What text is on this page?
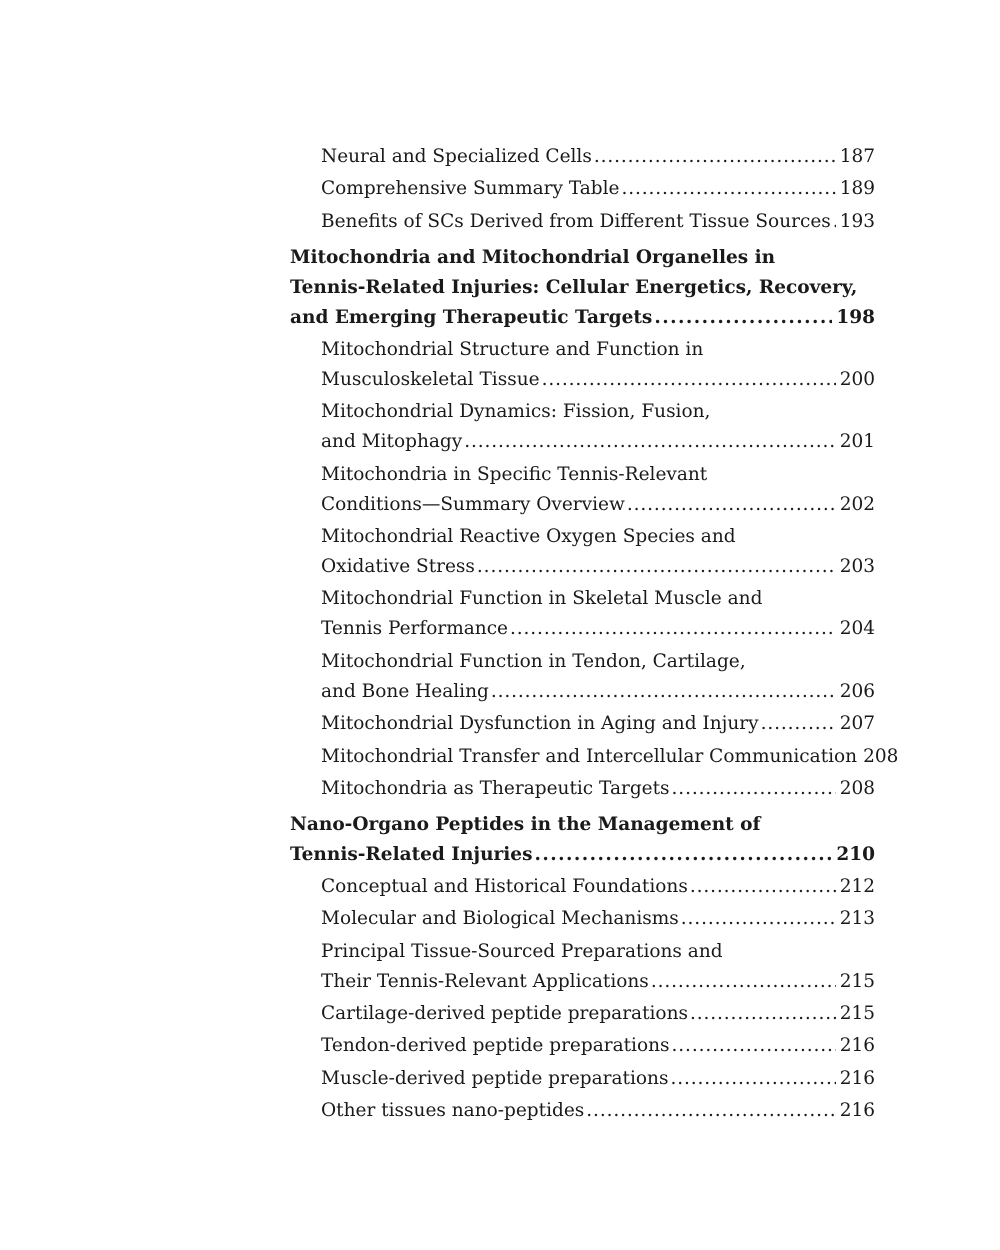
Neural and Specialized Cells . . .	187
Comprehensive Summary Table . . .	189
Benefits of SCs Derived from Different Tissue Sources . . . 193
Mitochondria and Mitochondrial Organelles in
Tennis-Related Injuries: Cellular Energetics, Recovery,
and Emerging Therapeutic Targets . . .	198
Mitochondrial Structure and Function in
Musculoskeletal Tissue . . .	200
Mitochondrial Dynamics: Fission, Fusion,
and Mitophagy . . .	201
Mitochondria in Specific Tennis-Relevant
Conditions—Summary Overview . . .	202
Mitochondrial Reactive Oxygen Species and
Oxidative Stress . . .	203
Mitochondrial Function in Skeletal Muscle and
Tennis Performance . . .	204
Mitochondrial Function in Tendon, Cartilage,
and Bone Healing . . .	206
Mitochondrial Dysfunction in Aging and Injury . . .	207
Mitochondrial Transfer and Intercellular Communication 208
Mitochondria as Therapeutic Targets . . .	208
Nano-Organo Peptides in the Management of
Tennis-Related Injuries . . .	210
Conceptual and Historical Foundations . . .	212
Molecular and Biological Mechanisms . . .	213
Principal Tissue-Sourced Preparations and
Their Tennis-Relevant Applications . . .	215
Cartilage-derived peptide preparations . . .	215
Tendon-derived peptide preparations . . .	216
Muscle-derived peptide preparations . . .	216
Other tissues nano-peptides . . .	216
